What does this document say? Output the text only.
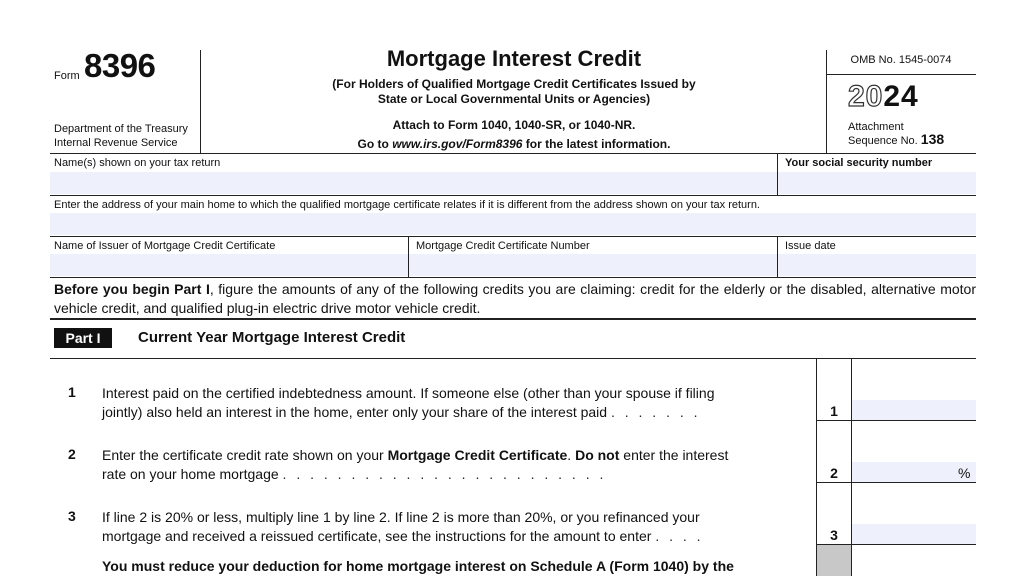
Form 8396
Department of the Treasury
Internal Revenue Service
Mortgage Interest Credit
(For Holders of Qualified Mortgage Credit Certificates Issued by
State or Local Governmental Units or Agencies)
Attach to Form 1040, 1040-SR, or 1040-NR.
Go to www.irs.gov/Form8396 for the latest information.
OMB No. 1545-0074
2024
Attachment
Sequence No. 138
Name(s) shown on your tax return	Your social security number
Enter the address of your main home to which the qualified mortgage certificate relates if it is different from the address shown on your tax return.
Name of Issuer of Mortgage Credit Certificate	Mortgage Credit Certificate Number	Issue date
Before you begin Part I, figure the amounts of any of the following credits you are claiming: credit for the elderly or the disabled, alternative motor vehicle credit, and qualified plug-in electric drive motor vehicle credit.
Part I	Current Year Mortgage Interest Credit
1 Interest paid on the certified indebtedness amount. If someone else (other than your spouse if filing
jointly) also held an interest in the home, enter only your share of the interest paid . . . . . . .	1
2 Enter the certificate credit rate shown on your Mortgage Credit Certificate. Do not enter the interest
rate on your home mortgage . . . . . . . . . . . . . . . . . . . . . . . .	2	%
3 If line 2 is 20% or less, multiply line 1 by line 2. If line 2 is more than 20%, or you refinanced your
mortgage and received a reissued certificate, see the instructions for the amount to enter . . . .	3
You must reduce your deduction for home mortgage interest on Schedule A (Form 1040) by the
